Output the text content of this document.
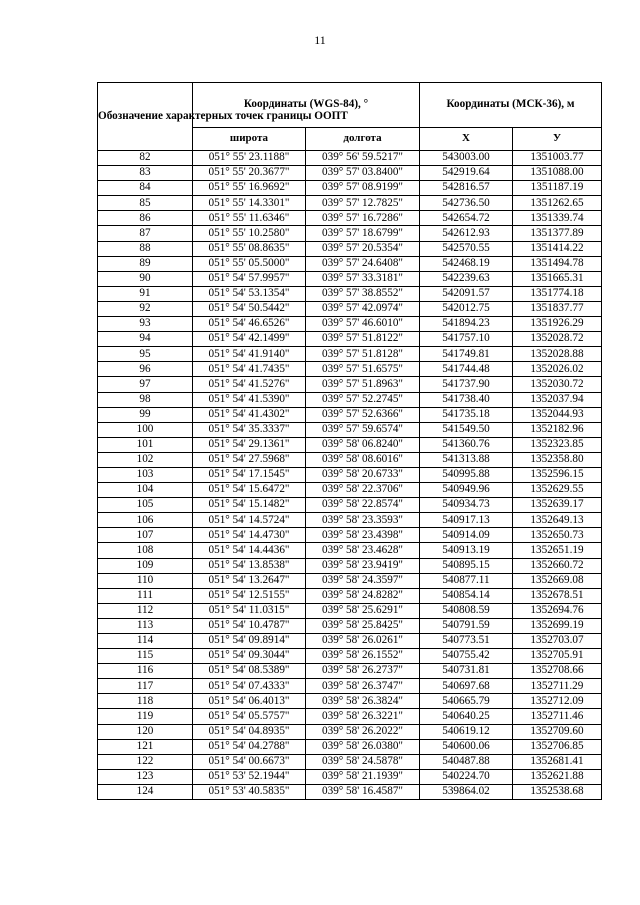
11
Обозначение характерных точек границы ООПТ	Координаты (WGS-84), °		Координаты (МСК-36), м	
	широта	долгота	X	У
82	051° 55' 23.1188"	039° 56' 59.5217"	543003.00	1351003.77
83	051° 55' 20.3677"	039° 57' 03.8400"	542919.64	1351088.00
84	051° 55' 16.9692"	039° 57' 08.9199"	542816.57	1351187.19
85	051° 55' 14.3301"	039° 57' 12.7825"	542736.50	1351262.65
86	051° 55' 11.6346"	039° 57' 16.7286"	542654.72	1351339.74
87	051° 55' 10.2580"	039° 57' 18.6799"	542612.93	1351377.89
88	051° 55' 08.8635"	039° 57' 20.5354"	542570.55	1351414.22
89	051° 55' 05.5000"	039° 57' 24.6408"	542468.19	1351494.78
90	051° 54' 57.9957"	039° 57' 33.3181"	542239.63	1351665.31
91	051° 54' 53.1354"	039° 57' 38.8552"	542091.57	1351774.18
92	051° 54' 50.5442"	039° 57' 42.0974"	542012.75	1351837.77
93	051° 54' 46.6526"	039° 57' 46.6010"	541894.23	1351926.29
94	051° 54' 42.1499"	039° 57' 51.8122"	541757.10	1352028.72
95	051° 54' 41.9140"	039° 57' 51.8128"	541749.81	1352028.88
96	051° 54' 41.7435"	039° 57' 51.6575"	541744.48	1352026.02
97	051° 54' 41.5276"	039° 57' 51.8963"	541737.90	1352030.72
98	051° 54' 41.5390"	039° 57' 52.2745"	541738.40	1352037.94
99	051° 54' 41.4302"	039° 57' 52.6366"	541735.18	1352044.93
100	051° 54' 35.3337"	039° 57' 59.6574"	541549.50	1352182.96
101	051° 54' 29.1361"	039° 58' 06.8240"	541360.76	1352323.85
102	051° 54' 27.5968"	039° 58' 08.6016"	541313.88	1352358.80
103	051° 54' 17.1545"	039° 58' 20.6733"	540995.88	1352596.15
104	051° 54' 15.6472"	039° 58' 22.3706"	540949.96	1352629.55
105	051° 54' 15.1482"	039° 58' 22.8574"	540934.73	1352639.17
106	051° 54' 14.5724"	039° 58' 23.3593"	540917.13	1352649.13
107	051° 54' 14.4730"	039° 58' 23.4398"	540914.09	1352650.73
108	051° 54' 14.4436"	039° 58' 23.4628"	540913.19	1352651.19
109	051° 54' 13.8538"	039° 58' 23.9419"	540895.15	1352660.72
110	051° 54' 13.2647"	039° 58' 24.3597"	540877.11	1352669.08
111	051° 54' 12.5155"	039° 58' 24.8282"	540854.14	1352678.51
112	051° 54' 11.0315"	039° 58' 25.6291"	540808.59	1352694.76
113	051° 54' 10.4787"	039° 58' 25.8425"	540791.59	1352699.19
114	051° 54' 09.8914"	039° 58' 26.0261"	540773.51	1352703.07
115	051° 54' 09.3044"	039° 58' 26.1552"	540755.42	1352705.91
116	051° 54' 08.5389"	039° 58' 26.2737"	540731.81	1352708.66
117	051° 54' 07.4333"	039° 58' 26.3747"	540697.68	1352711.29
118	051° 54' 06.4013"	039° 58' 26.3824"	540665.79	1352712.09
119	051° 54' 05.5757"	039° 58' 26.3221"	540640.25	1352711.46
120	051° 54' 04.8935"	039° 58' 26.2022"	540619.12	1352709.60
121	051° 54' 04.2788"	039° 58' 26.0380"	540600.06	1352706.85
122	051° 54' 00.6673"	039° 58' 24.5878"	540487.88	1352681.41
123	051° 53' 52.1944"	039° 58' 21.1939"	540224.70	1352621.88
124	051° 53' 40.5835"	039° 58' 16.4587"	539864.02	1352538.68
